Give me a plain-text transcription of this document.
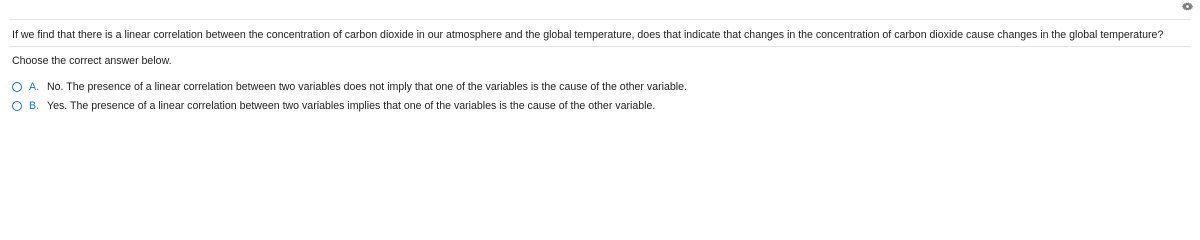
If we find that there is a linear correlation between the concentration of carbon dioxide in our atmosphere and the global temperature, does that indicate that changes in the concentration of carbon dioxide cause changes in the global temperature?
Choose the correct answer below.
A. No. The presence of a linear correlation between two variables does not imply that one of the variables is the cause of the other variable.
B. Yes. The presence of a linear correlation between two variables implies that one of the variables is the cause of the other variable.
